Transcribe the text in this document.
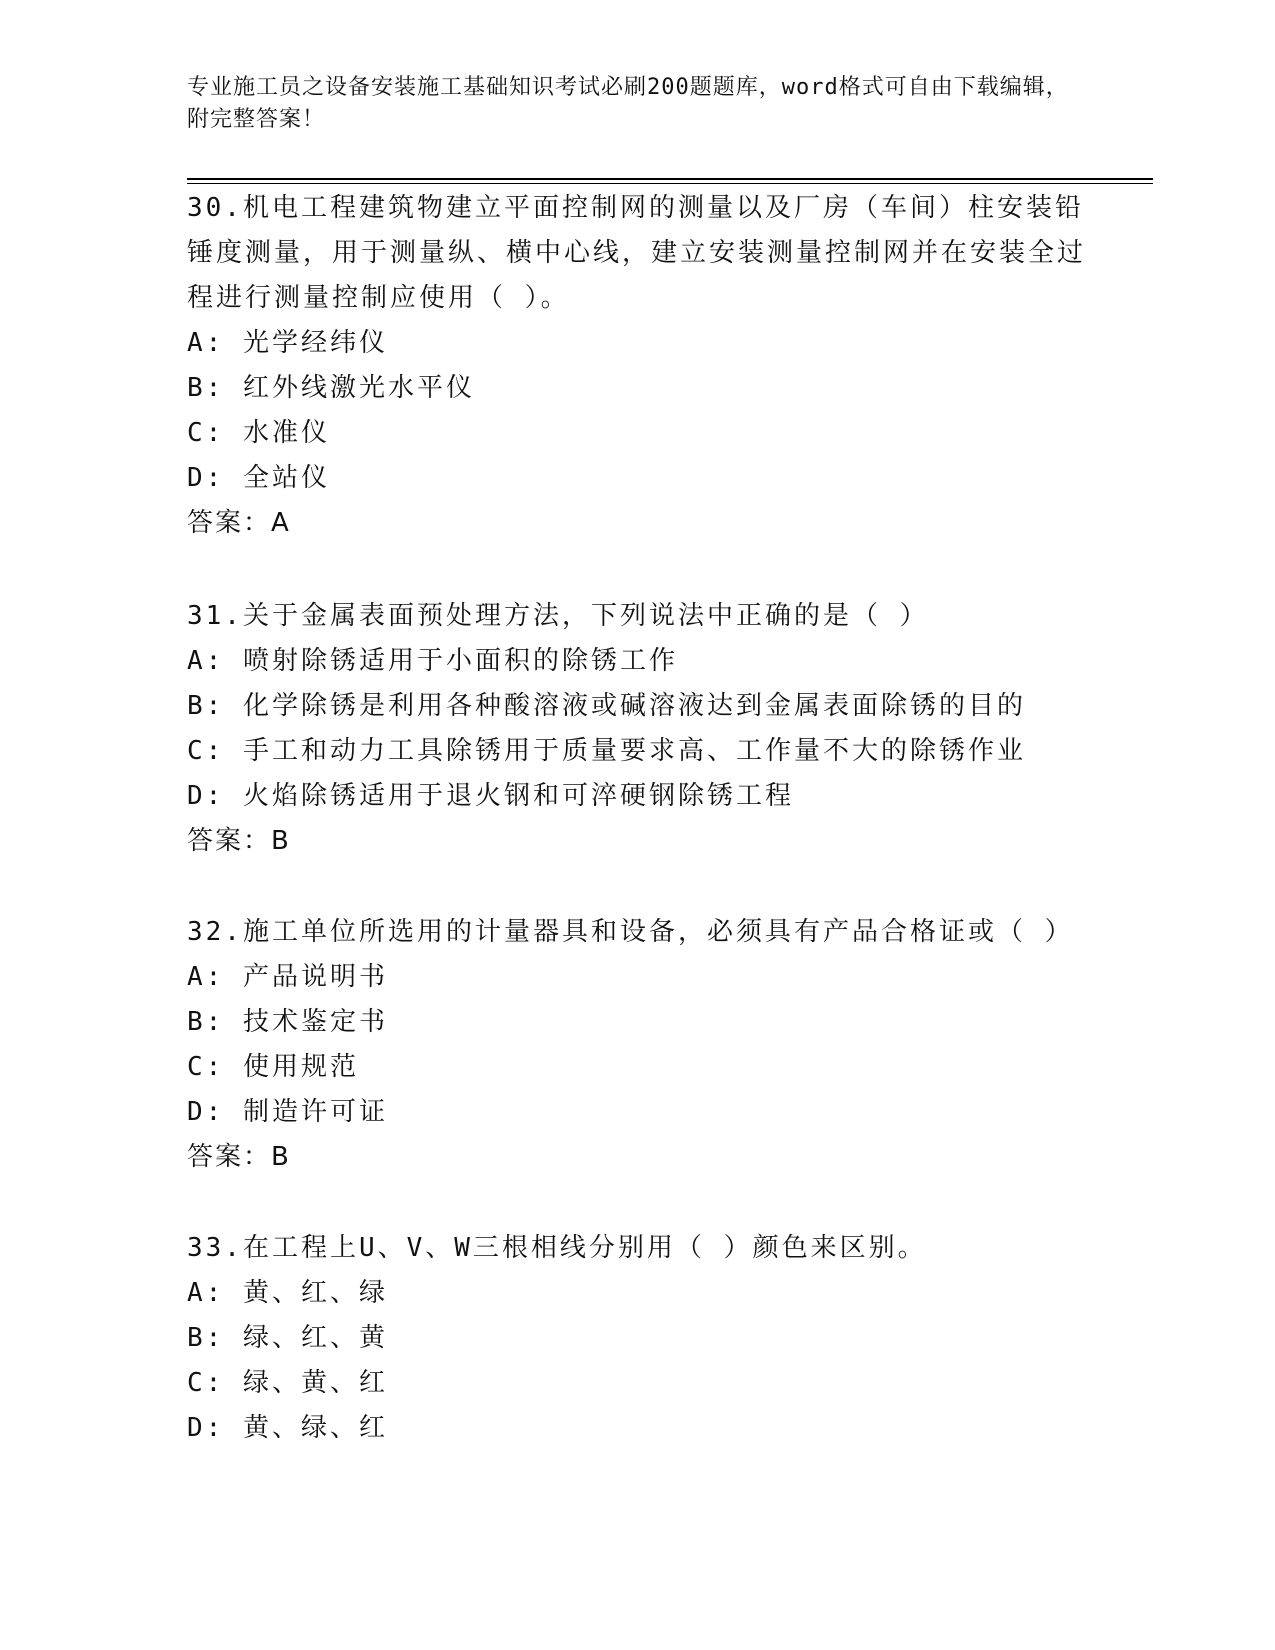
专业施工员之设备安装施工基础知识考试必刷200题题库，word格式可自由下载编辑，附完整答案！

30.机电工程建筑物建立平面控制网的测量以及厂房（车间）柱安装铅锤度测量，用于测量纵、横中心线，建立安装测量控制网并在安装全过程进行测量控制应使用（ ）。

A: 光学经纬仪

B: 红外线激光水平仪

C: 水准仪

D: 全站仪

答案：A

31.关于金属表面预处理方法，下列说法中正确的是（ ）

A: 喷射除锈适用于小面积的除锈工作

B: 化学除锈是利用各种酸溶液或碱溶液达到金属表面除锈的目的

C: 手工和动力工具除锈用于质量要求高、工作量不大的除锈作业

D: 火焰除锈适用于退火钢和可淬硬钢除锈工程

答案：B

32.施工单位所选用的计量器具和设备，必须具有产品合格证或（ ）

A: 产品说明书

B: 技术鉴定书

C: 使用规范

D: 制造许可证

答案：B

33.在工程上U、V、W三根相线分别用（ ）颜色来区别。

A: 黄、红、绿

B: 绿、红、黄

C: 绿、黄、红

D: 黄、绿、红
